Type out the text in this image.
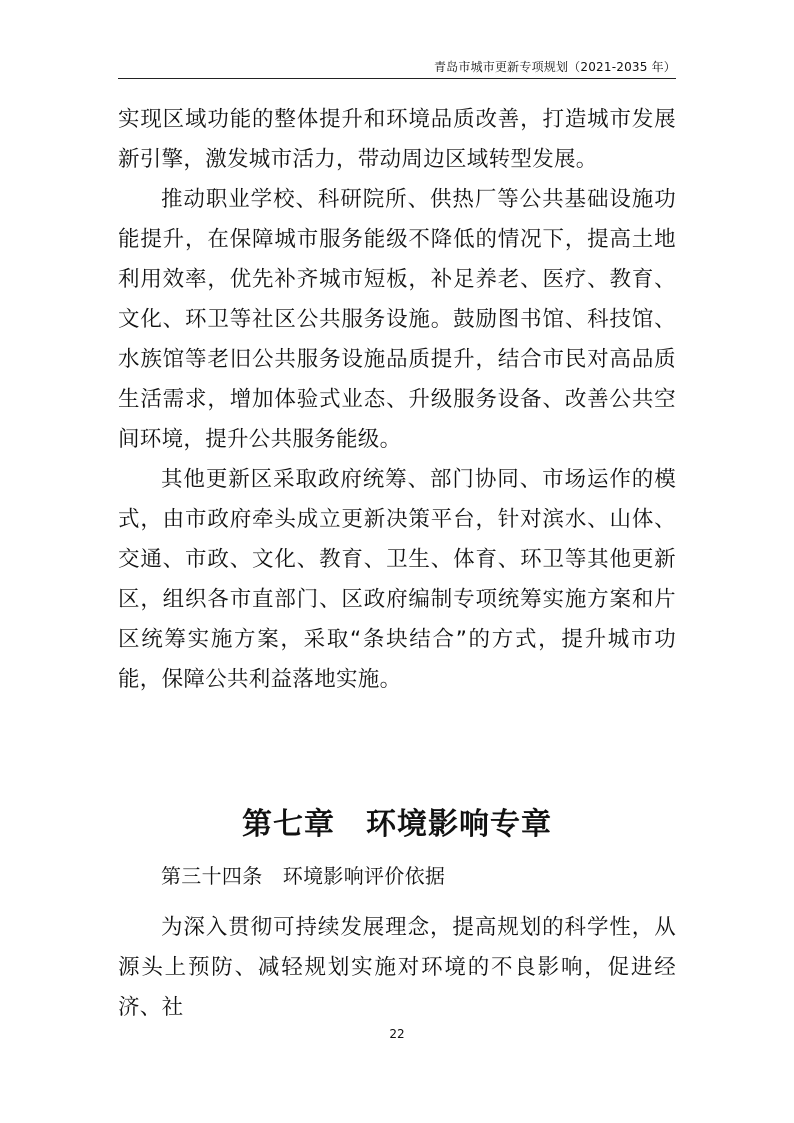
青岛市城市更新专项规划（2021-2035 年）

实现区域功能的整体提升和环境品质改善，打造城市发展新引擎，激发城市活力，带动周边区域转型发展。

推动职业学校、科研院所、供热厂等公共基础设施功能提升，在保障城市服务能级不降低的情况下，提高土地利用效率，优先补齐城市短板，补足养老、医疗、教育、文化、环卫等社区公共服务设施。鼓励图书馆、科技馆、水族馆等老旧公共服务设施品质提升，结合市民对高品质生活需求，增加体验式业态、升级服务设备、改善公共空间环境，提升公共服务能级。

其他更新区采取政府统筹、部门协同、市场运作的模式，由市政府牵头成立更新决策平台，针对滨水、山体、交通、市政、文化、教育、卫生、体育、环卫等其他更新区，组织各市直部门、区政府编制专项统筹实施方案和片区统筹实施方案，采取“条块结合”的方式，提升城市功能，保障公共利益落地实施。

第七章　环境影响专章
第三十四条　环境影响评价依据

为深入贯彻可持续发展理念，提高规划的科学性，从源头上预防、减轻规划实施对环境的不良影响，促进经济、社

22
